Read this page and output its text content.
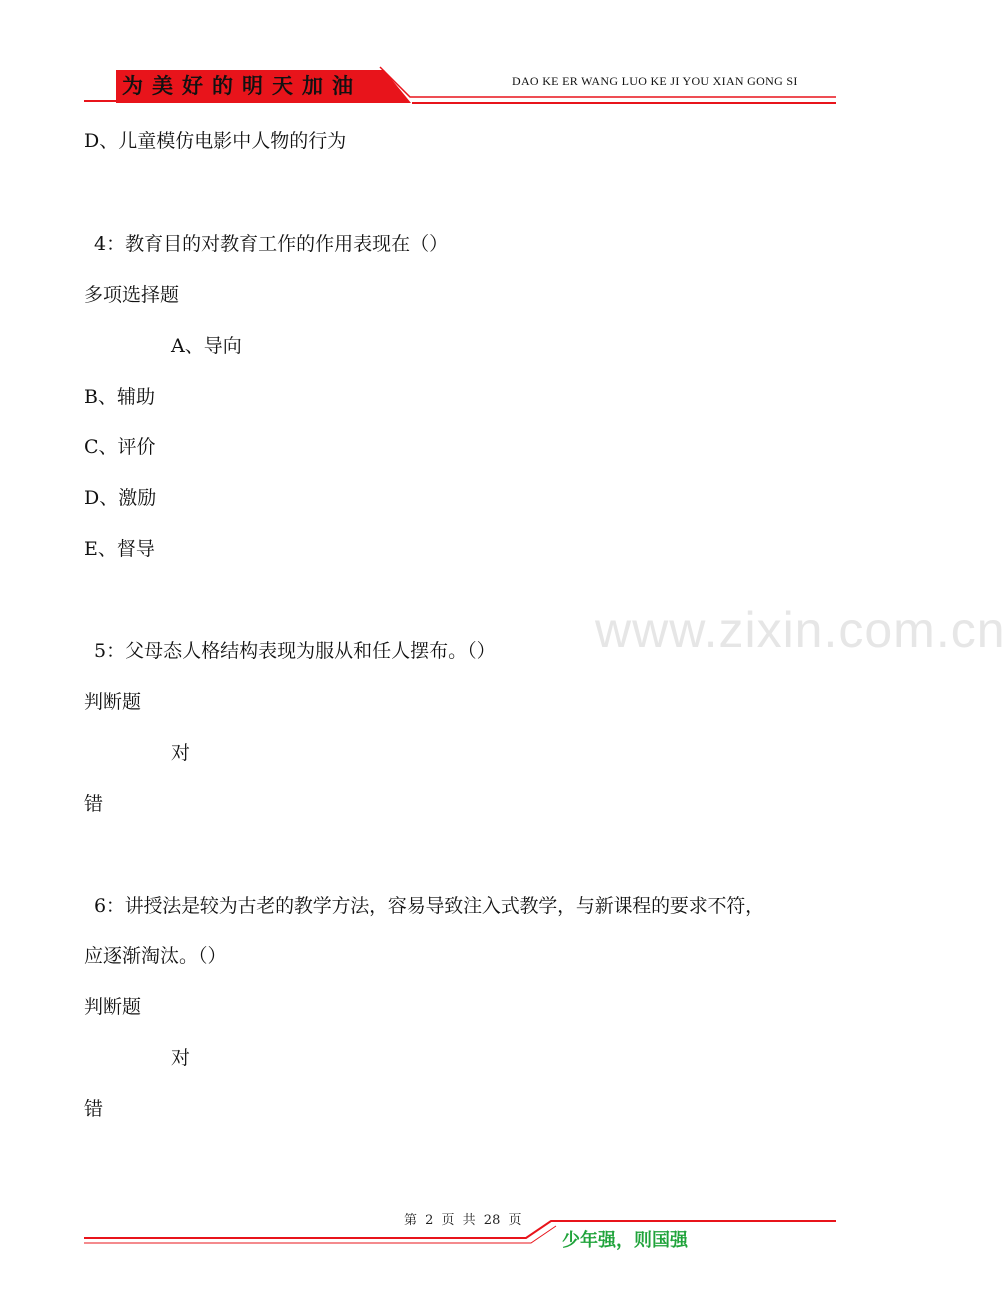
为美好的明天加油	DAO KE ER WANG LUO KE JI YOU XIAN GONG SI
www.zixin.com.cn
D、儿童模仿电影中人物的行为
4：教育目的对教育工作的作用表现在（）
多项选择题
A、导向
B、辅助
C、评价
D、激励
E、督导
5：父母态人格结构表现为服从和任人摆布。（）
判断题
对
错
6：讲授法是较为古老的教学方法，容易导致注入式教学，与新课程的要求不符，
应逐渐淘汰。（）
判断题
对
错
第 2 页 共 28 页
少年强，则国强
